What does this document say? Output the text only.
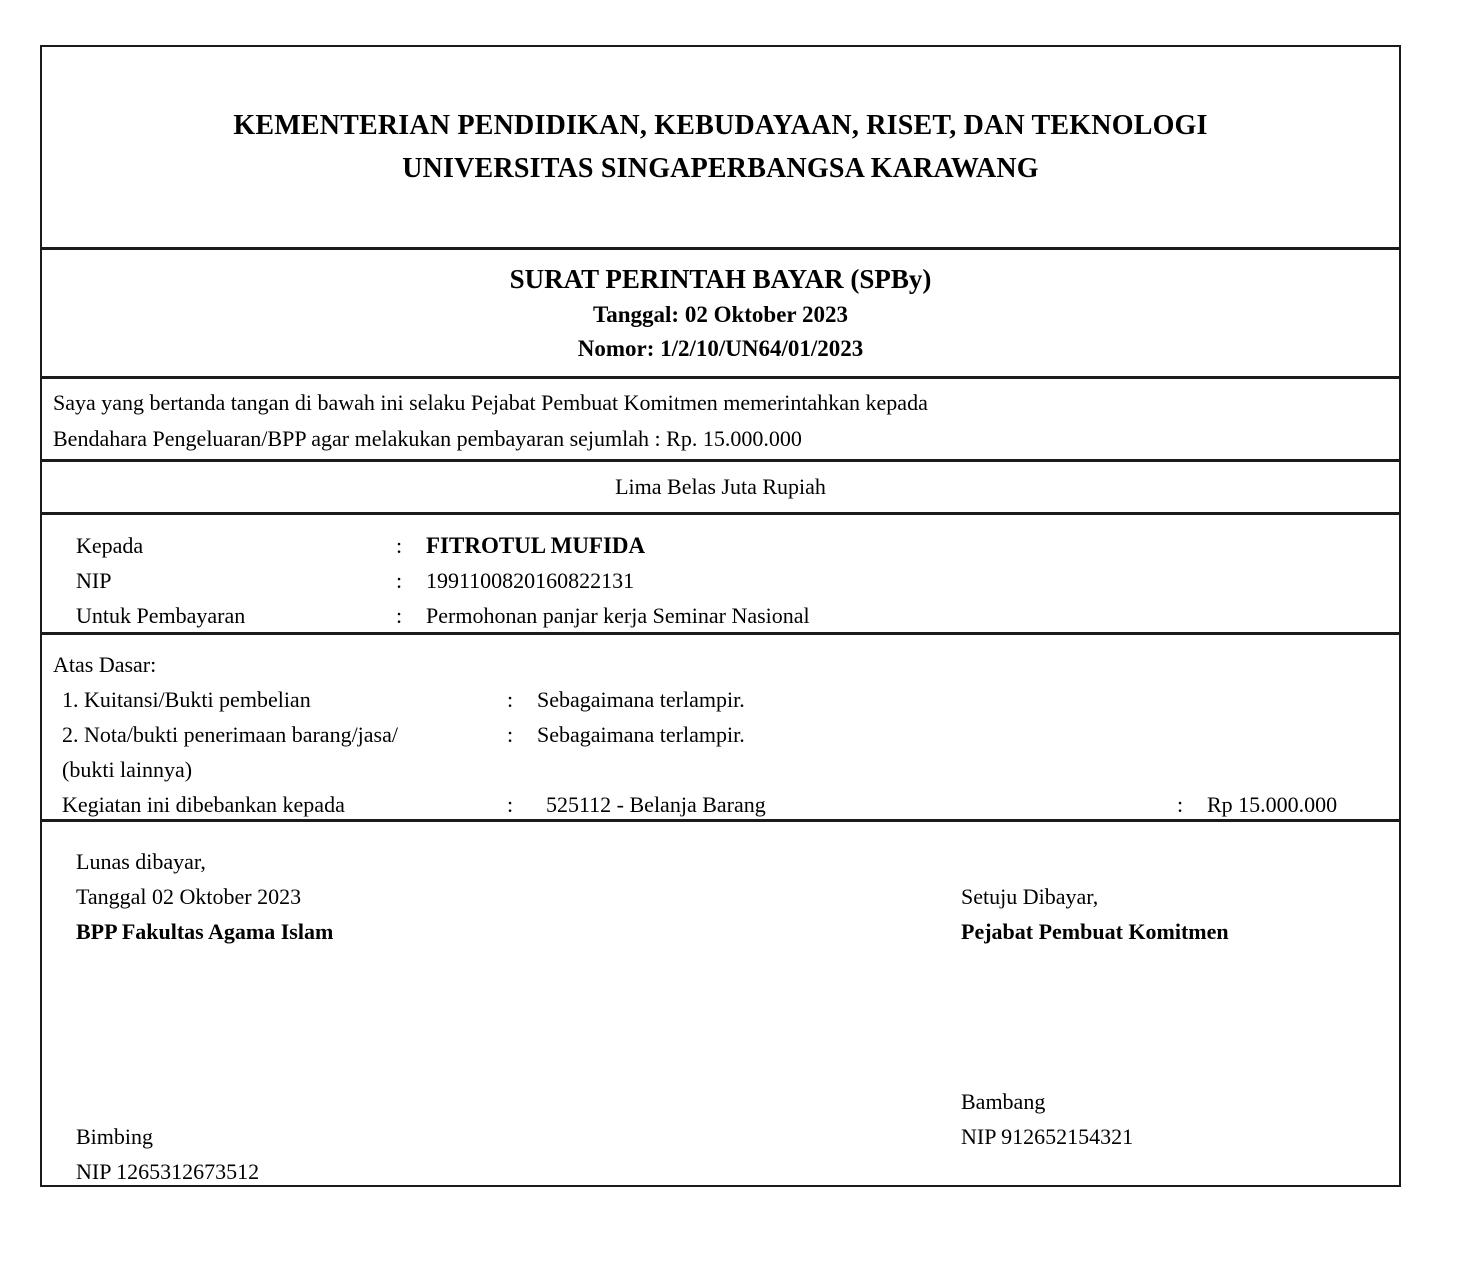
KEMENTERIAN PENDIDIKAN, KEBUDAYAAN, RISET, DAN TEKNOLOGI
UNIVERSITAS SINGAPERBANGSA KARAWANG
SURAT PERINTAH BAYAR (SPBy)
Tanggal: 02 Oktober 2023
Nomor: 1/2/10/UN64/01/2023
Saya yang bertanda tangan di bawah ini selaku Pejabat Pembuat Komitmen memerintahkan kepada
Bendahara Pengeluaran/BPP agar melakukan pembayaran sejumlah : Rp. 15.000.000
Lima Belas Juta Rupiah
Kepada	:	FITROTUL MUFIDA
NIP	:	1991100820160822131
Untuk Pembayaran	:	Permohonan panjar kerja Seminar Nasional
Atas Dasar:
1. Kuitansi/Bukti pembelian	:	Sebagaimana terlampir.
2. Nota/bukti penerimaan barang/jasa/	:	Sebagaimana terlampir.
(bukti lainnya)
Kegiatan ini dibebankan kepada	:	525112 - Belanja Barang	:	Rp 15.000.000
Lunas dibayar,
Tanggal 02 Oktober 2023
BPP Fakultas Agama Islam
Bimbing
NIP 1265312673512
Setuju Dibayar,
Pejabat Pembuat Komitmen
Bambang
NIP 912652154321
